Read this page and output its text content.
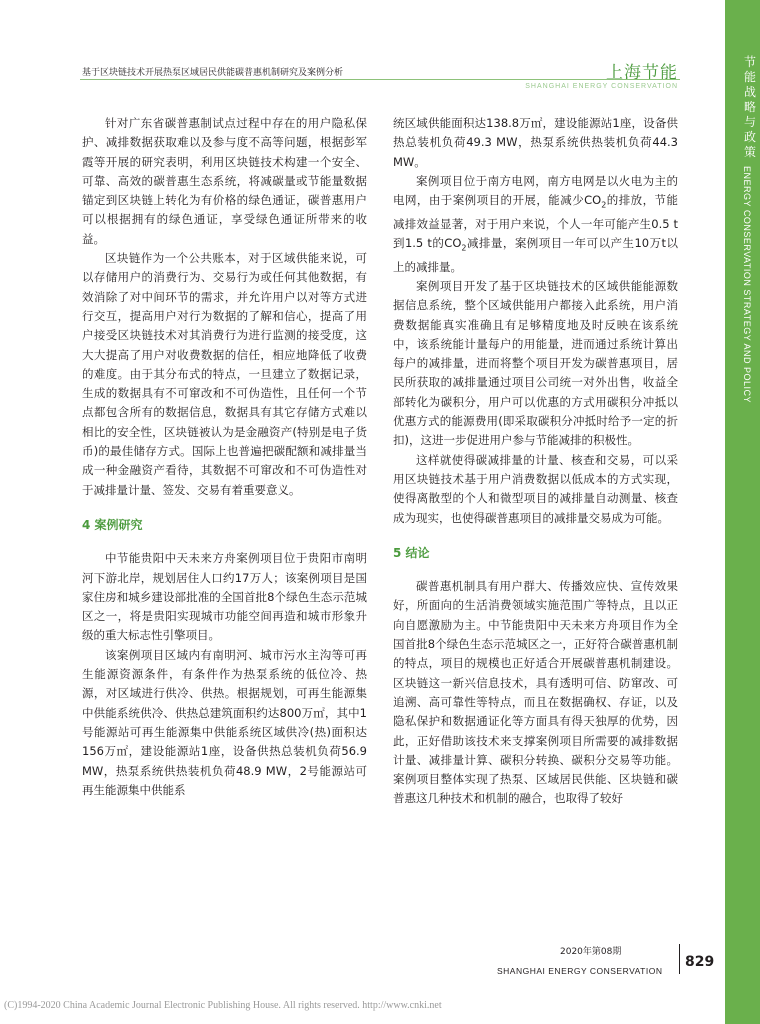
节能战略与政策
ENERGY CONSERVATION STRATEGY AND POLICY
基于区块链技术开展热泵区域居民供能碳普惠机制研究及案例分析	上海节能
SHANGHAI ENERGY CONSERVATION

针对广东省碳普惠制试点过程中存在的用户隐私保护、减排数据获取难以及参与度不高等问题，根据彭军霞等开展的研究表明，利用区块链技术构建一个安全、可靠、高效的碳普惠生态系统，将减碳量或节能量数据锚定到区块链上转化为有价格的绿色通证，碳普惠用户可以根据拥有的绿色通证，享受绿色通证所带来的收益。

区块链作为一个公共账本，对于区域供能来说，可以存储用户的消费行为、交易行为或任何其他数据，有效消除了对中间环节的需求，并允许用户以对等方式进行交互，提高用户对行为数据的了解和信心，提高了用户接受区块链技术对其消费行为进行监测的接受度，这大大提高了用户对收费数据的信任，相应地降低了收费的难度。由于其分布式的特点，一旦建立了数据记录，生成的数据具有不可窜改和不可伪造性，且任何一个节点都包含所有的数据信息，数据具有其它存储方式难以相比的安全性，区块链被认为是金融资产(特别是电子货币)的最佳储存方式。国际上也普遍把碳配额和减排量当成一种金融资产看待，其数据不可窜改和不可伪造性对于减排量计量、签发、交易有着重要意义。

4 案例研究

中节能贵阳中天未来方舟案例项目位于贵阳市南明河下游北岸，规划居住人口约17万人；该案例项目是国家住房和城乡建设部批准的全国首批8个绿色生态示范城区之一，将是贵阳实现城市功能空间再造和城市形象升级的重大标志性引擎项目。

该案例项目区域内有南明河、城市污水主沟等可再生能源资源条件，有条件作为热泵系统的低位冷、热源，对区域进行供冷、供热。根据规划，可再生能源集中供能系统供冷、供热总建筑面积约达800万㎡，其中1号能源站可再生能源集中供能系统区域供冷(热)面积达156万㎡，建设能源站1座，设备供热总装机负荷56.9 MW，热泵系统供热装机负荷48.9 MW，2号能源站可再生能源集中供能系

统区域供能面积达138.8万㎡，建设能源站1座，设备供热总装机负荷49.3 MW，热泵系统供热装机负荷44.3 MW。

案例项目位于南方电网，南方电网是以火电为主的电网，由于案例项目的开展，能减少$CO_2$的排放，节能减排效益显著，对于用户来说，个人一年可能产生0.5 t到1.5 t的$CO_2$减排量，案例项目一年可以产生10万t以上的减排量。

案例项目开发了基于区块链技术的区域供能能源数据信息系统，整个区域供能用户都接入此系统，用户消费数据能真实准确且有足够精度地及时反映在该系统中，该系统能计量每户的用能量，进而通过系统计算出每户的减排量，进而将整个项目开发为碳普惠项目，居民所获取的减排量通过项目公司统一对外出售，收益全部转化为碳积分，用户可以优惠的方式用碳积分冲抵以优惠方式的能源费用(即采取碳积分冲抵时给予一定的折扣)，这进一步促进用户参与节能减排的积极性。

这样就使得碳减排量的计量、核查和交易，可以采用区块链技术基于用户消费数据以低成本的方式实现，使得离散型的个人和微型项目的减排量自动测量、核查成为现实，也使得碳普惠项目的减排量交易成为可能。

5 结论

碳普惠机制具有用户群大、传播效应快、宣传效果好，所面向的生活消费领域实施范围广等特点，且以正向自愿激励为主。中节能贵阳中天未来方舟项目作为全国首批8个绿色生态示范城区之一，正好符合碳普惠机制的特点，项目的规模也正好适合开展碳普惠机制建设。区块链这一新兴信息技术，具有透明可信、防窜改、可追溯、高可靠性等特点，而且在数据确权、存证，以及隐私保护和数据通证化等方面具有得天独厚的优势，因此，正好借助该技术来支撑案例项目所需要的减排数据计量、减排量计算、碳积分转换、碳积分交易等功能。案例项目整体实现了热泵、区域居民供能、区块链和碳普惠这几种技术和机制的融合，也取得了较好

2020年第08期
SHANGHAI ENERGY CONSERVATION
829
(C)1994-2020 China Academic Journal Electronic Publishing House. All rights reserved. http://www.cnki.net
